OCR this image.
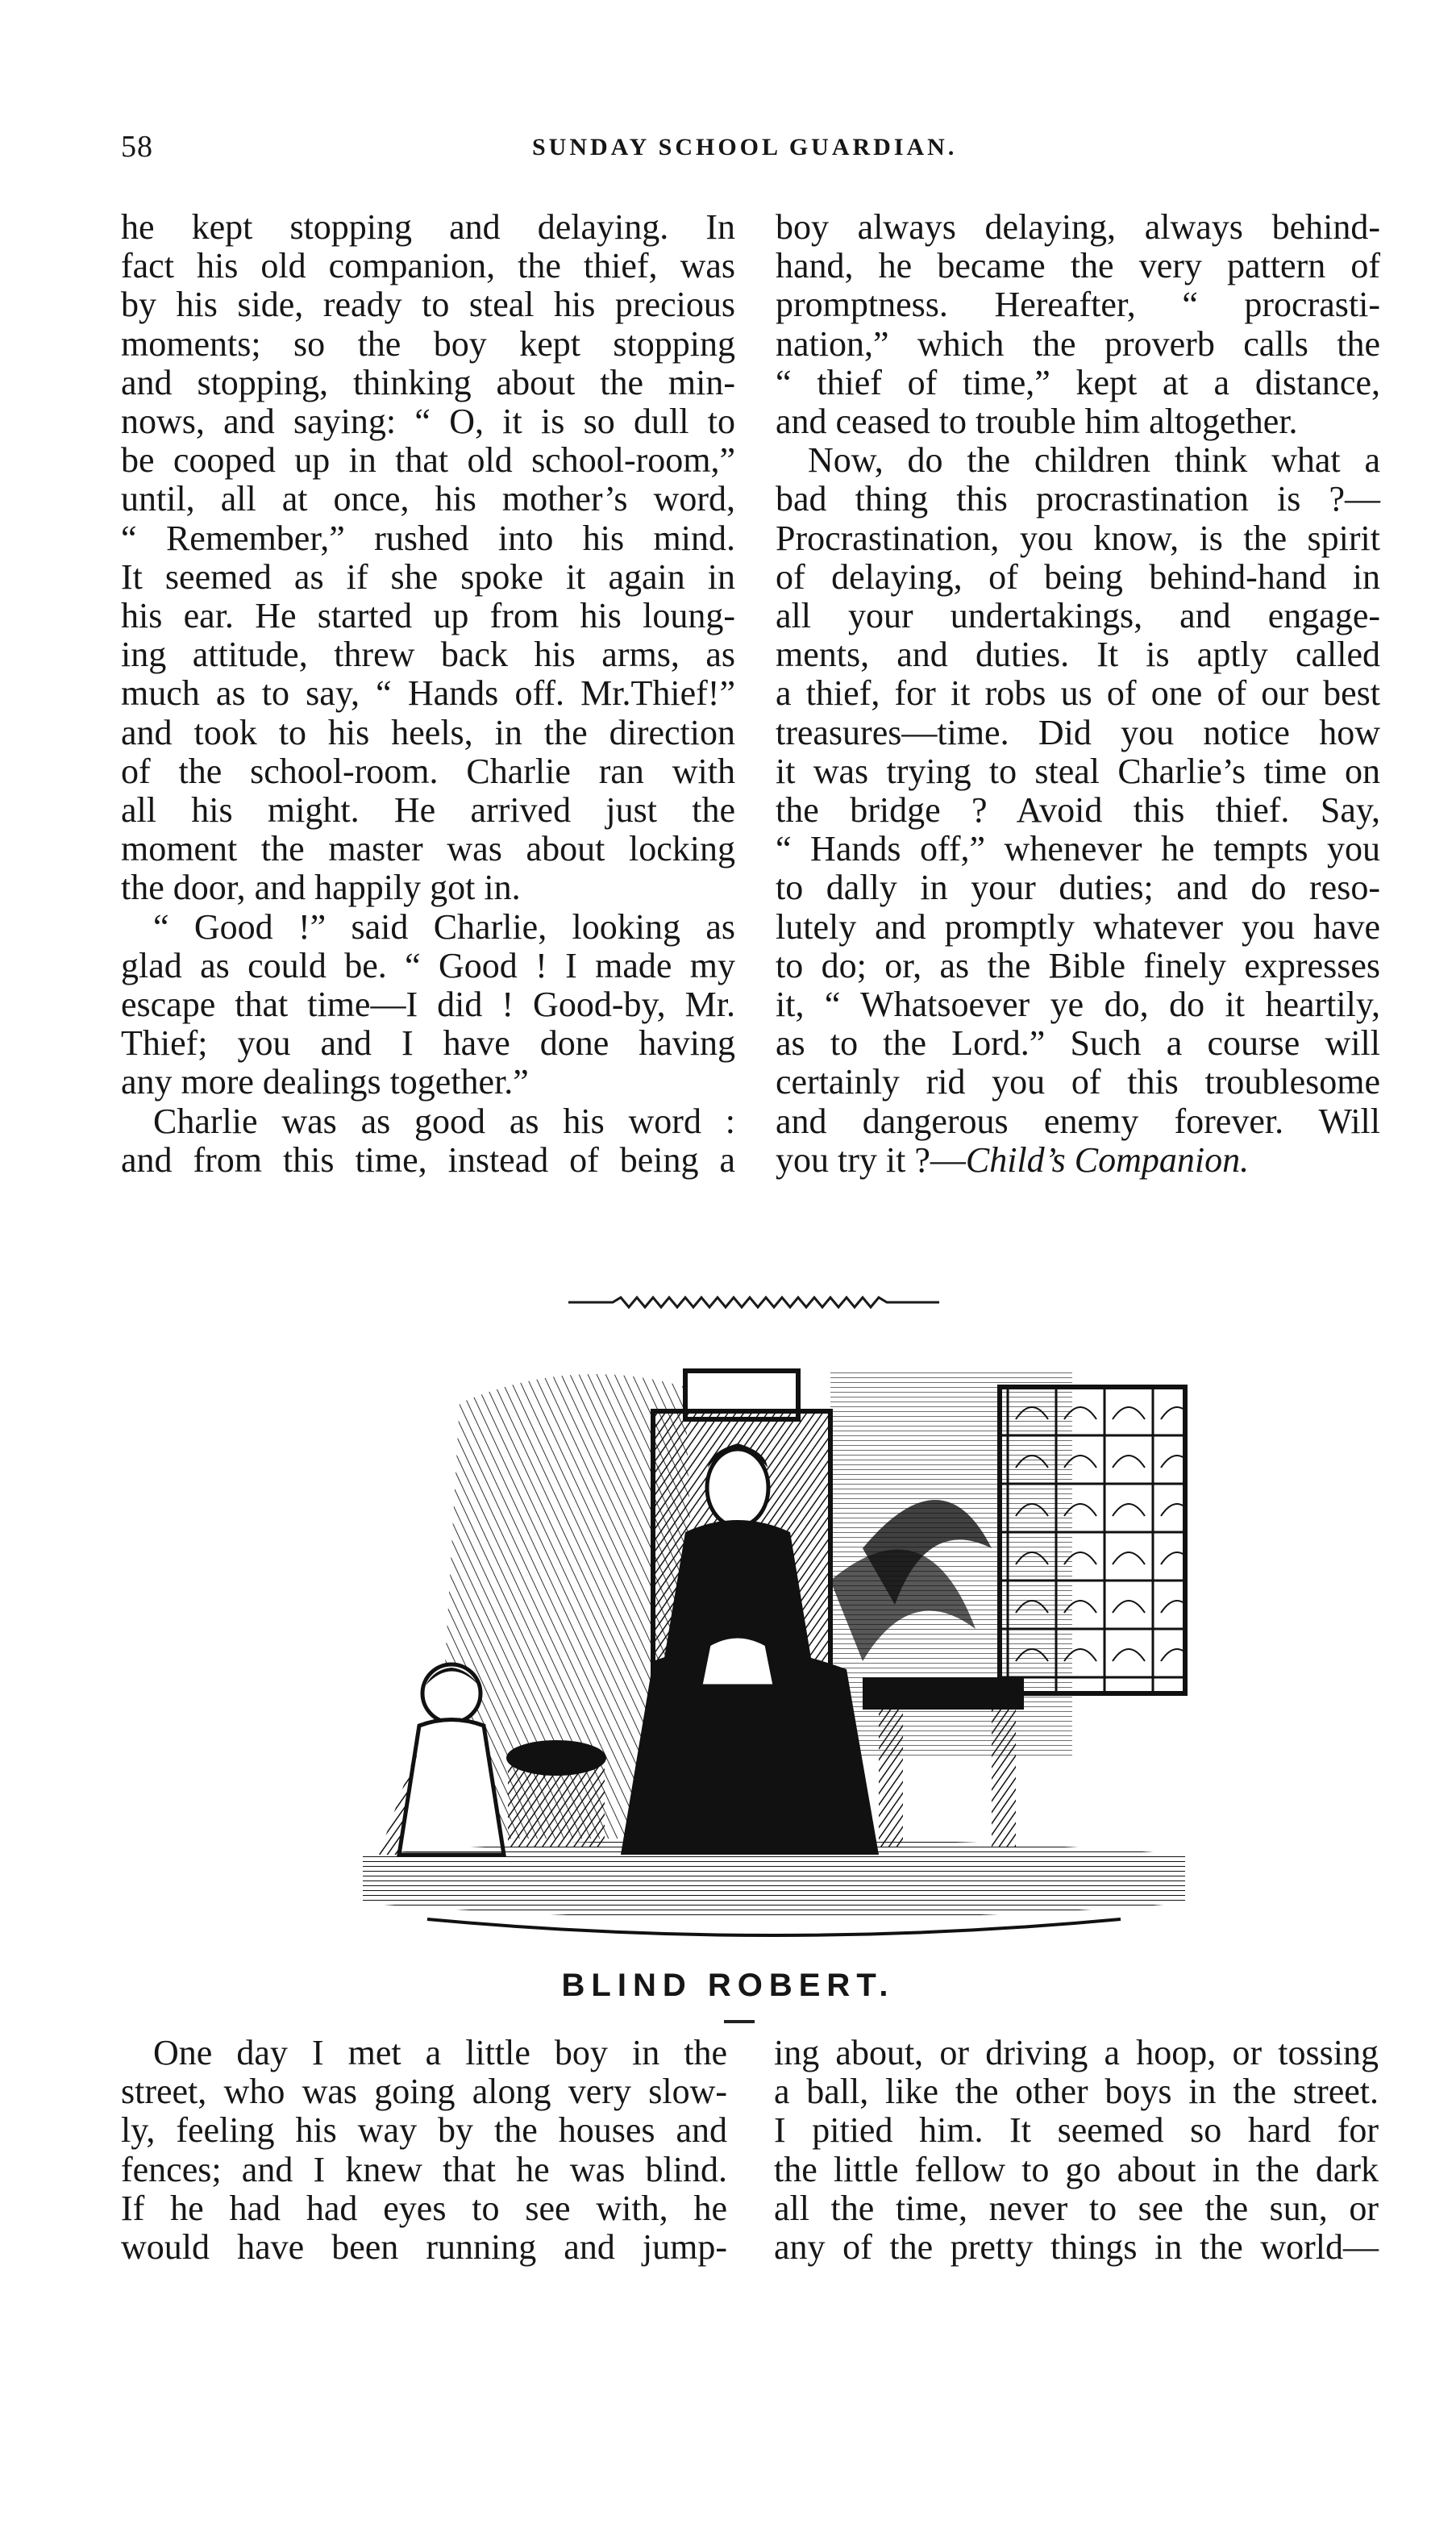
58	SUNDAY SCHOOL GUARDIAN.
he kept stopping and delaying. In
fact his old companion, the thief, was
by his side, ready to steal his precious
moments; so the boy kept stopping
and stopping, thinking about the min-
nows, and saying: “ O, it is so dull to
be cooped up in that old school-room,”
until, all at once, his mother’s word,
“ Remember,” rushed into his mind.
It seemed as if she spoke it again in
his ear. He started up from his loung-
ing attitude, threw back his arms, as
much as to say, “ Hands off. Mr.Thief!”
and took to his heels, in the direction
of the school-room. Charlie ran with
all his might. He arrived just the
moment the master was about locking
the door, and happily got in.
“ Good !” said Charlie, looking as
glad as could be. “ Good ! I made my
escape that time—I did ! Good-by, Mr.
Thief; you and I have done having
any more dealings together.”
Charlie was as good as his word :
and from this time, instead of being a
boy always delaying, always behind-
hand, he became the very pattern of
promptness. Hereafter, “ procrasti-
nation,” which the proverb calls the
“ thief of time,” kept at a distance,
and ceased to trouble him altogether.
Now, do the children think what a
bad thing this procrastination is ?—
Procrastination, you know, is the spirit
of delaying, of being behind-hand in
all your undertakings, and engage-
ments, and duties. It is aptly called
a thief, for it robs us of one of our best
treasures—time. Did you notice how
it was trying to steal Charlie’s time on
the bridge ? Avoid this thief. Say,
“ Hands off,” whenever he tempts you
to dally in your duties; and do reso-
lutely and promptly whatever you have
to do; or, as the Bible finely expresses
it, “ Whatsoever ye do, do it heartily,
as to the Lord.” Such a course will
certainly rid you of this troublesome
and dangerous enemy forever. Will
you try it ?—Child’s Companion.
BLIND ROBERT.
One day I met a little boy in the
street, who was going along very slow-
ly, feeling his way by the houses and
fences; and I knew that he was blind.
If he had had eyes to see with, he
would have been running and jump-
ing about, or driving a hoop, or tossing
a ball, like the other boys in the street.
I pitied him. It seemed so hard for
the little fellow to go about in the dark
all the time, never to see the sun, or
any of the pretty things in the world—
